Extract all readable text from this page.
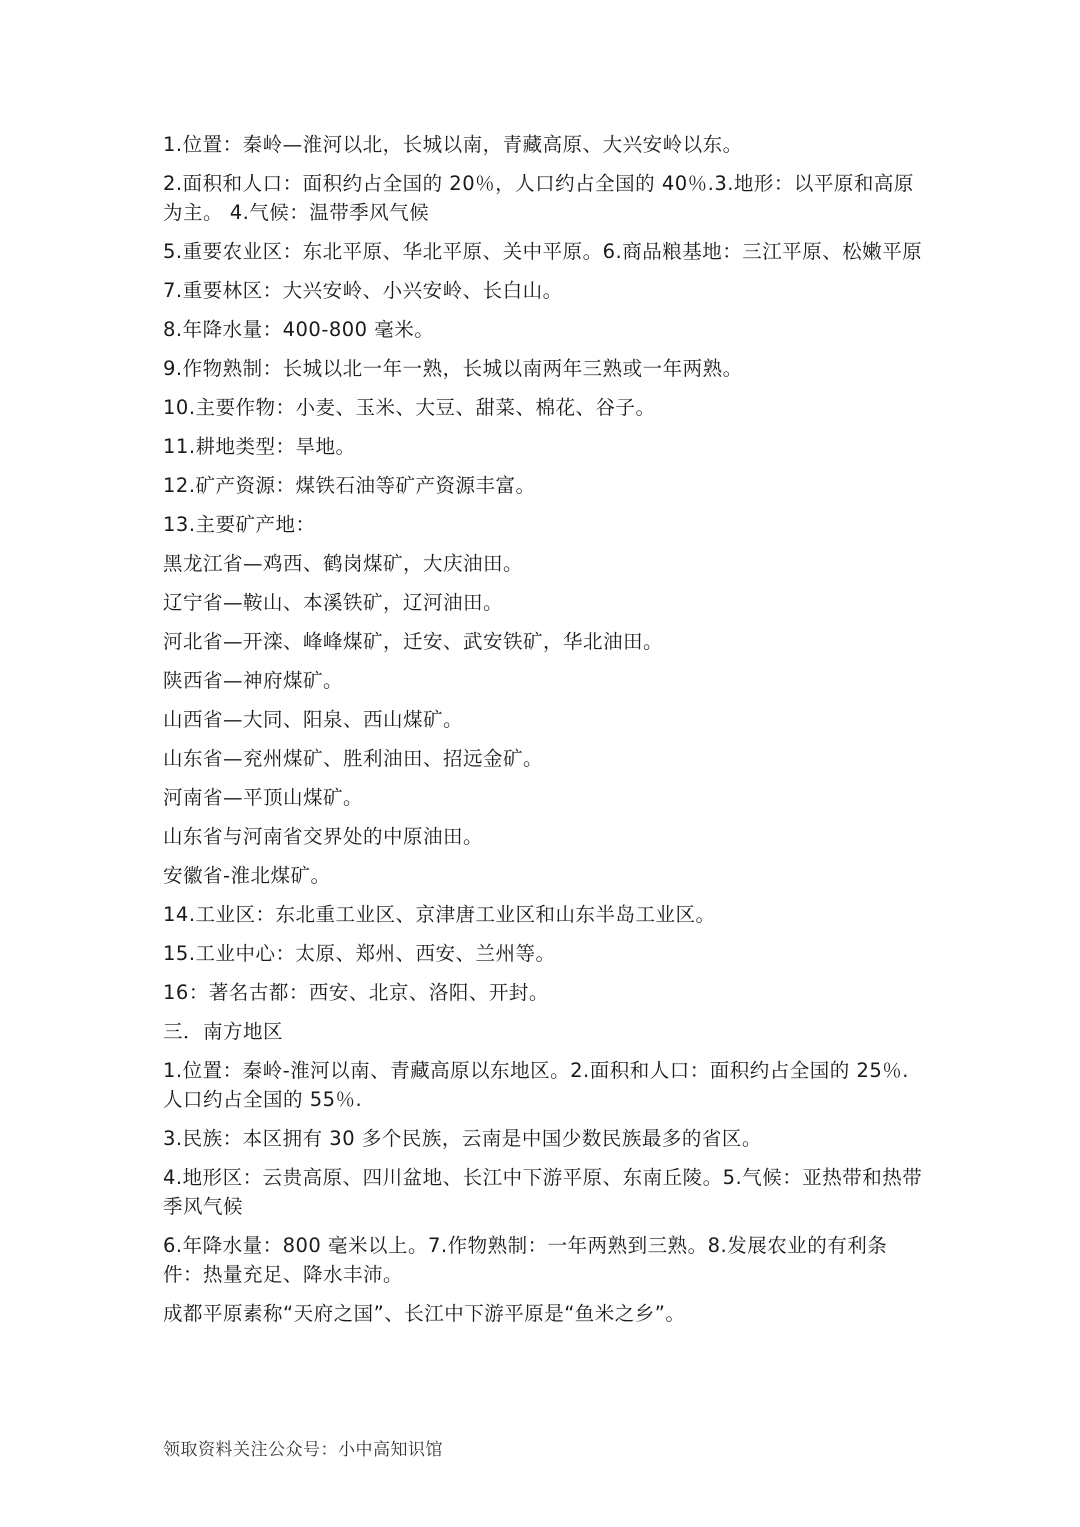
1.位置：秦岭—淮河以北，长城以南，青藏高原、大兴安岭以东。

2.面积和人口：面积约占全国的 20％，人口约占全国的 40％.3.地形：以平原和高原为主。 4.气候：温带季风气候

5.重要农业区：东北平原、华北平原、关中平原。6.商品粮基地：三江平原、松嫩平原

7.重要林区：大兴安岭、小兴安岭、长白山。

8.年降水量：400-800 毫米。

9.作物熟制：长城以北一年一熟，长城以南两年三熟或一年两熟。

10.主要作物：小麦、玉米、大豆、甜菜、棉花、谷子。

11.耕地类型：旱地。

12.矿产资源：煤铁石油等矿产资源丰富。

13.主要矿产地：

黑龙江省—鸡西、鹤岗煤矿，大庆油田。

辽宁省—鞍山、本溪铁矿，辽河油田。

河北省—开滦、峰峰煤矿，迁安、武安铁矿，华北油田。

陕西省—神府煤矿。

山西省—大同、阳泉、西山煤矿。

山东省—兖州煤矿、胜利油田、招远金矿。

河南省—平顶山煤矿。

山东省与河南省交界处的中原油田。

安徽省-淮北煤矿。

14.工业区：东北重工业区、京津唐工业区和山东半岛工业区。

15.工业中心：太原、郑州、西安、兰州等。

16：著名古都：西安、北京、洛阳、开封。

三．南方地区

1.位置：秦岭-淮河以南、青藏高原以东地区。2.面积和人口：面积约占全国的 25％.人口约占全国的 55％.

3.民族：本区拥有 30 多个民族，云南是中国少数民族最多的省区。

4.地形区：云贵高原、四川盆地、长江中下游平原、东南丘陵。5.气候：亚热带和热带季风气候

6.年降水量：800 毫米以上。7.作物熟制：一年两熟到三熟。8.发展农业的有利条件：热量充足、降水丰沛。

成都平原素称“天府之国”、长江中下游平原是“鱼米之乡”。

领取资料关注公众号：小中高知识馆
